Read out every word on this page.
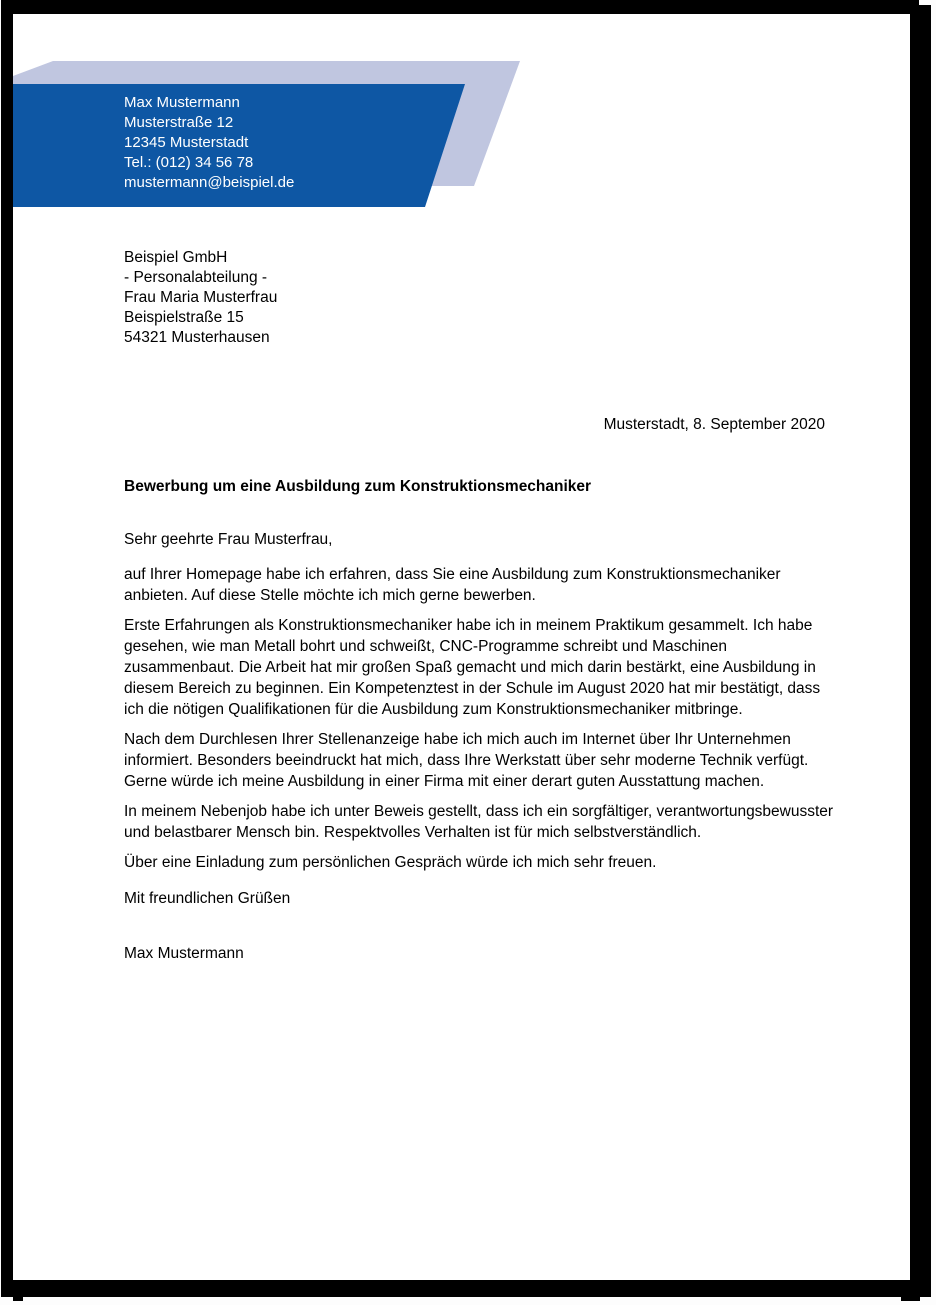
Max Mustermann
Musterstraße 12
12345 Musterstadt
Tel.: (012) 34 56 78
mustermann@beispiel.de
Beispiel GmbH
- Personalabteilung -
Frau Maria Musterfrau
Beispielstraße 15
54321 Musterhausen
Musterstadt, 8. September 2020
Bewerbung um eine Ausbildung zum Konstruktionsmechaniker

Sehr geehrte Frau Musterfrau,

auf Ihrer Homepage habe ich erfahren, dass Sie eine Ausbildung zum Konstruktionsmechaniker anbieten. Auf diese Stelle möchte ich mich gerne bewerben.

Erste Erfahrungen als Konstruktionsmechaniker habe ich in meinem Praktikum gesammelt. Ich habe gesehen, wie man Metall bohrt und schweißt, CNC-Programme schreibt und Maschinen zusammenbaut. Die Arbeit hat mir großen Spaß gemacht und mich darin bestärkt, eine Ausbildung in diesem Bereich zu beginnen. Ein Kompetenztest in der Schule im August 2020 hat mir bestätigt, dass ich die nötigen Qualifikationen für die Ausbildung zum Konstruktionsmechaniker mitbringe.

Nach dem Durchlesen Ihrer Stellenanzeige habe ich mich auch im Internet über Ihr Unternehmen informiert. Besonders beeindruckt hat mich, dass Ihre Werkstatt über sehr moderne Technik verfügt. Gerne würde ich meine Ausbildung in einer Firma mit einer derart guten Ausstattung machen.

In meinem Nebenjob habe ich unter Beweis gestellt, dass ich ein sorgfältiger, verantwortungsbewusster und belastbarer Mensch bin. Respektvolles Verhalten ist für mich selbstverständlich.

Über eine Einladung zum persönlichen Gespräch würde ich mich sehr freuen.

Mit freundlichen Grüßen

Max Mustermann
